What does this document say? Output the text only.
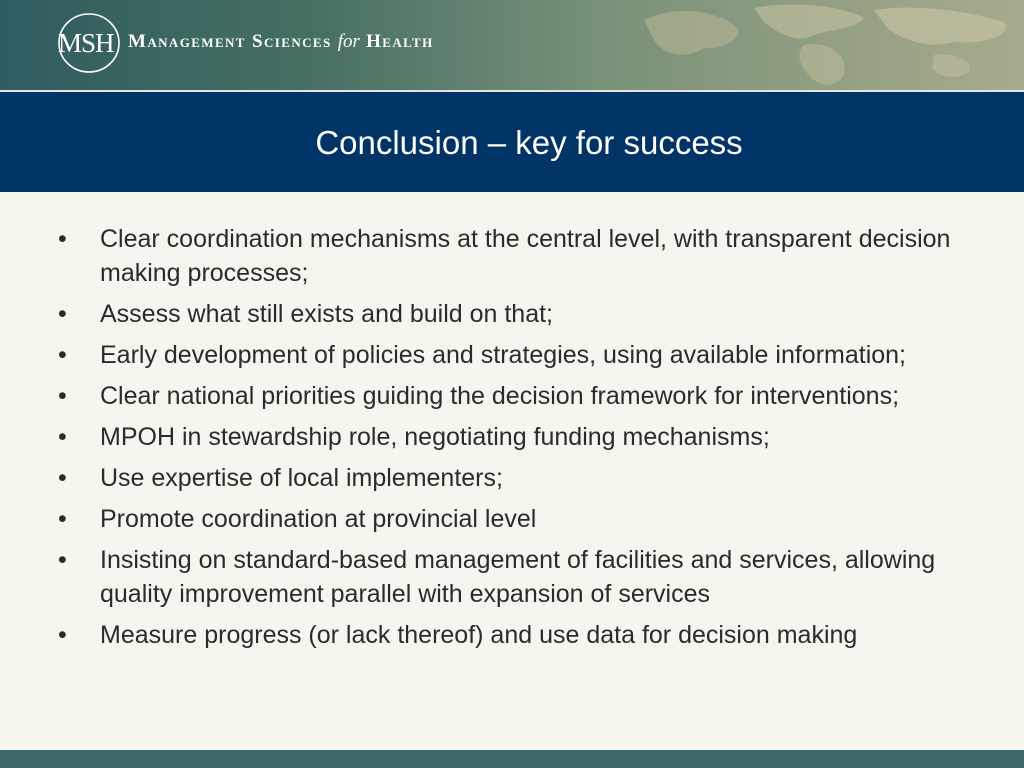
MSH Management Sciences for Health
Conclusion – key for success
• Clear coordination mechanisms at the central level, with transparent decision making processes;
• Assess what still exists and build on that;
• Early development of policies and strategies, using available information;
• Clear national priorities guiding the decision framework for interventions;
• MPOH in stewardship role, negotiating funding mechanisms;
• Use expertise of local implementers;
• Promote coordination at provincial level
• Insisting on standard-based management of facilities and services, allowing quality improvement parallel with expansion of services
• Measure progress (or lack thereof) and use data for decision making
